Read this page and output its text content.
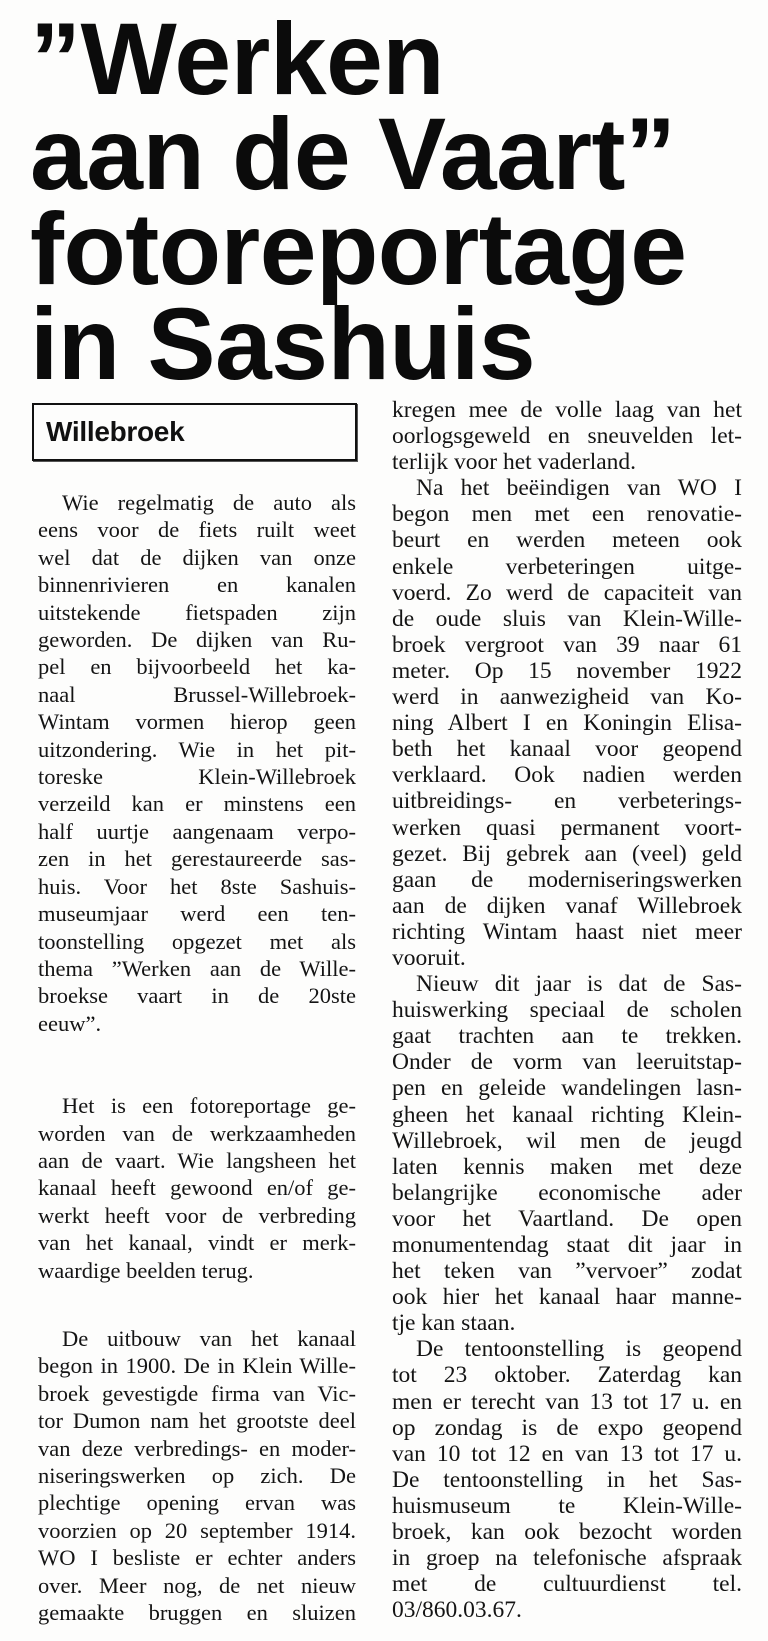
”Werken
aan de Vaart”
fotoreportage
in Sashuis
Willebroek
Wie regelmatig de auto als
eens voor de fiets ruilt weet
wel dat de dijken van onze
binnenrivieren en kanalen
uitstekende fietspaden zijn
geworden. De dijken van Ru-
pel en bijvoorbeeld het ka-
naal Brussel-Willebroek-
Wintam vormen hierop geen
uitzondering. Wie in het pit-
toreske Klein-Willebroek
verzeild kan er minstens een
half uurtje aangenaam verpo-
zen in het gerestaureerde sas-
huis. Voor het 8ste Sashuis-
museumjaar werd een ten-
toonstelling opgezet met als
thema ”Werken aan de Wille-
broekse vaart in de 20ste
eeuw”.
Het is een fotoreportage ge-
worden van de werkzaamheden
aan de vaart. Wie langsheen het
kanaal heeft gewoond en/of ge-
werkt heeft voor de verbreding
van het kanaal, vindt er merk-
waardige beelden terug.
De uitbouw van het kanaal
begon in 1900. De in Klein Wille-
broek gevestigde firma van Vic-
tor Dumon nam het grootste deel
van deze verbredings- en moder-
niseringswerken op zich. De
plechtige opening ervan was
voorzien op 20 september 1914.
WO I besliste er echter anders
over. Meer nog, de net nieuw
gemaakte bruggen en sluizen
kregen mee de volle laag van het
oorlogsgeweld en sneuvelden let-
terlijk voor het vaderland.
Na het beëindigen van WO I
begon men met een renovatie-
beurt en werden meteen ook
enkele verbeteringen uitge-
voerd. Zo werd de capaciteit van
de oude sluis van Klein-Wille-
broek vergroot van 39 naar 61
meter. Op 15 november 1922
werd in aanwezigheid van Ko-
ning Albert I en Koningin Elisa-
beth het kanaal voor geopend
verklaard. Ook nadien werden
uitbreidings- en verbeterings-
werken quasi permanent voort-
gezet. Bij gebrek aan (veel) geld
gaan de moderniseringswerken
aan de dijken vanaf Willebroek
richting Wintam haast niet meer
vooruit.
Nieuw dit jaar is dat de Sas-
huiswerking speciaal de scholen
gaat trachten aan te trekken.
Onder de vorm van leeruitstap-
pen en geleide wandelingen lasn-
gheen het kanaal richting Klein-
Willebroek, wil men de jeugd
laten kennis maken met deze
belangrijke economische ader
voor het Vaartland. De open
monumentendag staat dit jaar in
het teken van ”vervoer” zodat
ook hier het kanaal haar manne-
tje kan staan.
De tentoonstelling is geopend
tot 23 oktober. Zaterdag kan
men er terecht van 13 tot 17 u. en
op zondag is de expo geopend
van 10 tot 12 en van 13 tot 17 u.
De tentoonstelling in het Sas-
huismuseum te Klein-Wille-
broek, kan ook bezocht worden
in groep na telefonische afspraak
met de cultuurdienst tel.
03/860.03.67.
